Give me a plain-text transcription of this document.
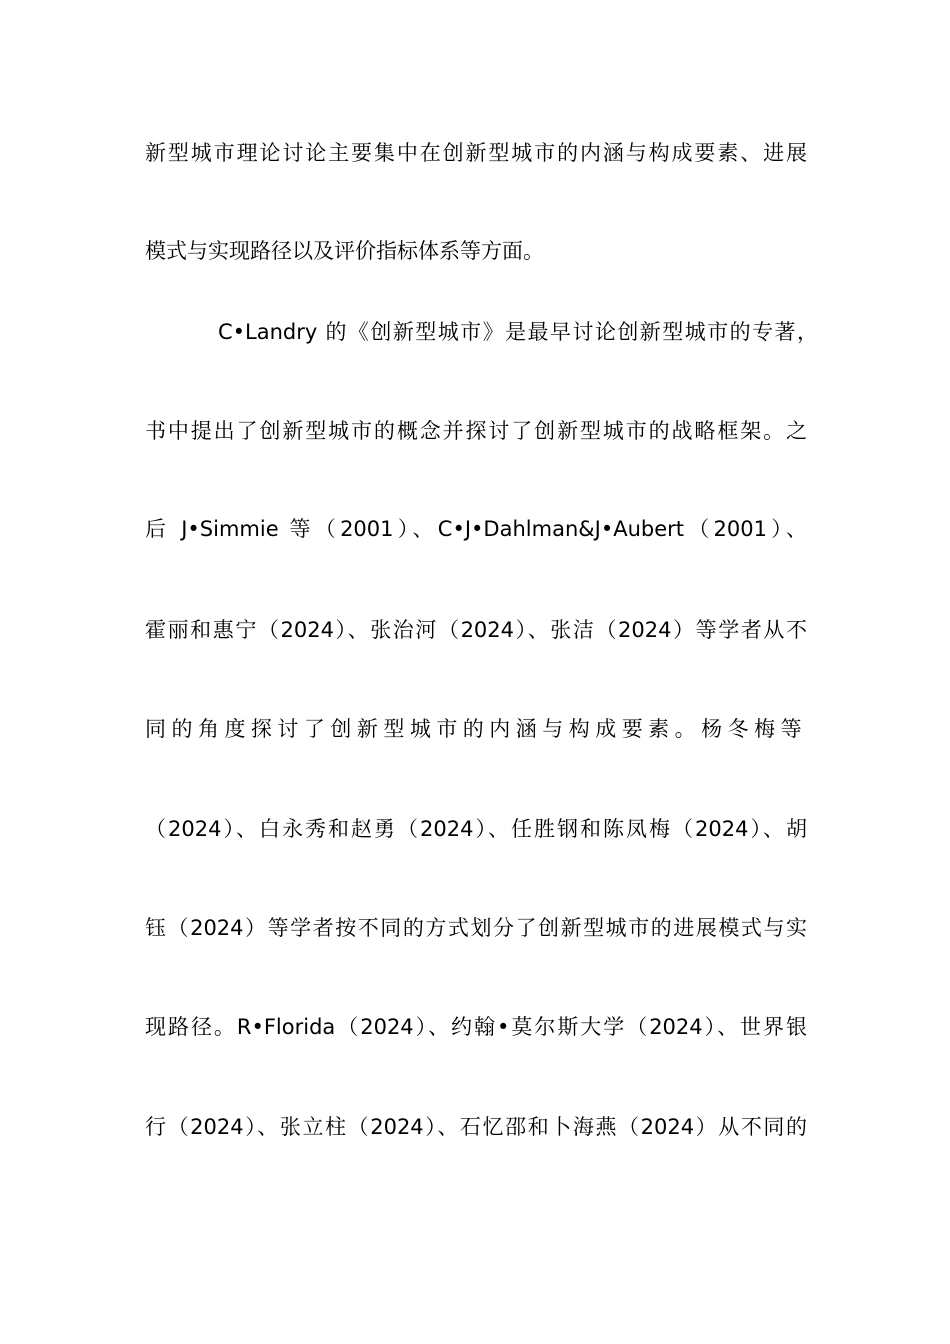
新型城市理论讨论主要集中在创新型城市的内涵与构成要素、进展
模式与实现路径以及评价指标体系等方面。
C•Landry 的《创新型城市》是最早讨论创新型城市的专著，
书中提出了创新型城市的概念并探讨了创新型城市的战略框架。之
后 J•Simmie 等（2001）、C•J•Dahlman&J•Aubert（2001）、
霍丽和惠宁（2024）、张治河（2024）、张洁（2024）等学者从不
同的角度探讨了创新型城市的内涵与构成要素。杨冬梅等
（2024）、白永秀和赵勇（2024）、任胜钢和陈凤梅（2024）、胡
钰（2024）等学者按不同的方式划分了创新型城市的进展模式与实
现路径。R•Florida（2024）、约翰•莫尔斯大学（2024）、世界银
行（2024）、张立柱（2024）、石忆邵和卜海燕（2024）从不同的
